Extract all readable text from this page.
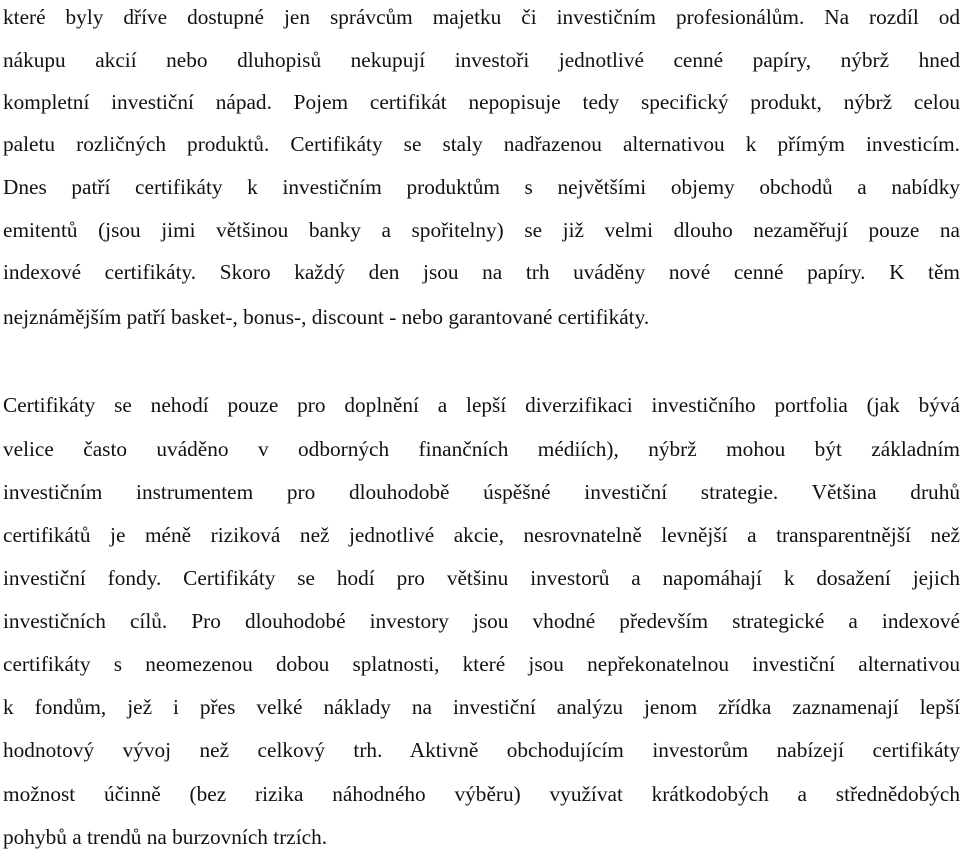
které byly dříve dostupné jen správcům majetku či investičním profesionálům. Na rozdíl od
nákupu akcií nebo dluhopisů nekupují investoři jednotlivé cenné papíry, nýbrž hned
kompletní investiční nápad. Pojem certifikát nepopisuje tedy specifický produkt, nýbrž celou
paletu rozličných produktů. Certifikáty se staly nadřazenou alternativou k přímým investicím.
Dnes patří certifikáty k investičním produktům s největšími objemy obchodů a nabídky
emitentů (jsou jimi většinou banky a spořitelny) se již velmi dlouho nezaměřují pouze na
indexové certifikáty. Skoro každý den jsou na trh uváděny nové cenné papíry. K těm
nejznámějším patří basket-, bonus-, discount - nebo garantované certifikáty.
Certifikáty se nehodí pouze pro doplnění a lepší diverzifikaci investičního portfolia (jak bývá
velice často uváděno v odborných finančních médiích), nýbrž mohou být základním
investičním instrumentem pro dlouhodobě úspěšné investiční strategie. Většina druhů
certifikátů je méně riziková než jednotlivé akcie, nesrovnatelně levnější a transparentnější než
investiční fondy. Certifikáty se hodí pro většinu investorů a napomáhají k dosažení jejich
investičních cílů. Pro dlouhodobé investory jsou vhodné především strategické a indexové
certifikáty s neomezenou dobou splatnosti, které jsou nepřekonatelnou investiční alternativou
k fondům, jež i přes velké náklady na investiční analýzu jenom zřídka zaznamenají lepší
hodnotový vývoj než celkový trh. Aktivně obchodujícím investorům nabízejí certifikáty
možnost účinně (bez rizika náhodného výběru) využívat krátkodobých a střednědobých
pohybů a trendů na burzovních trzích.
